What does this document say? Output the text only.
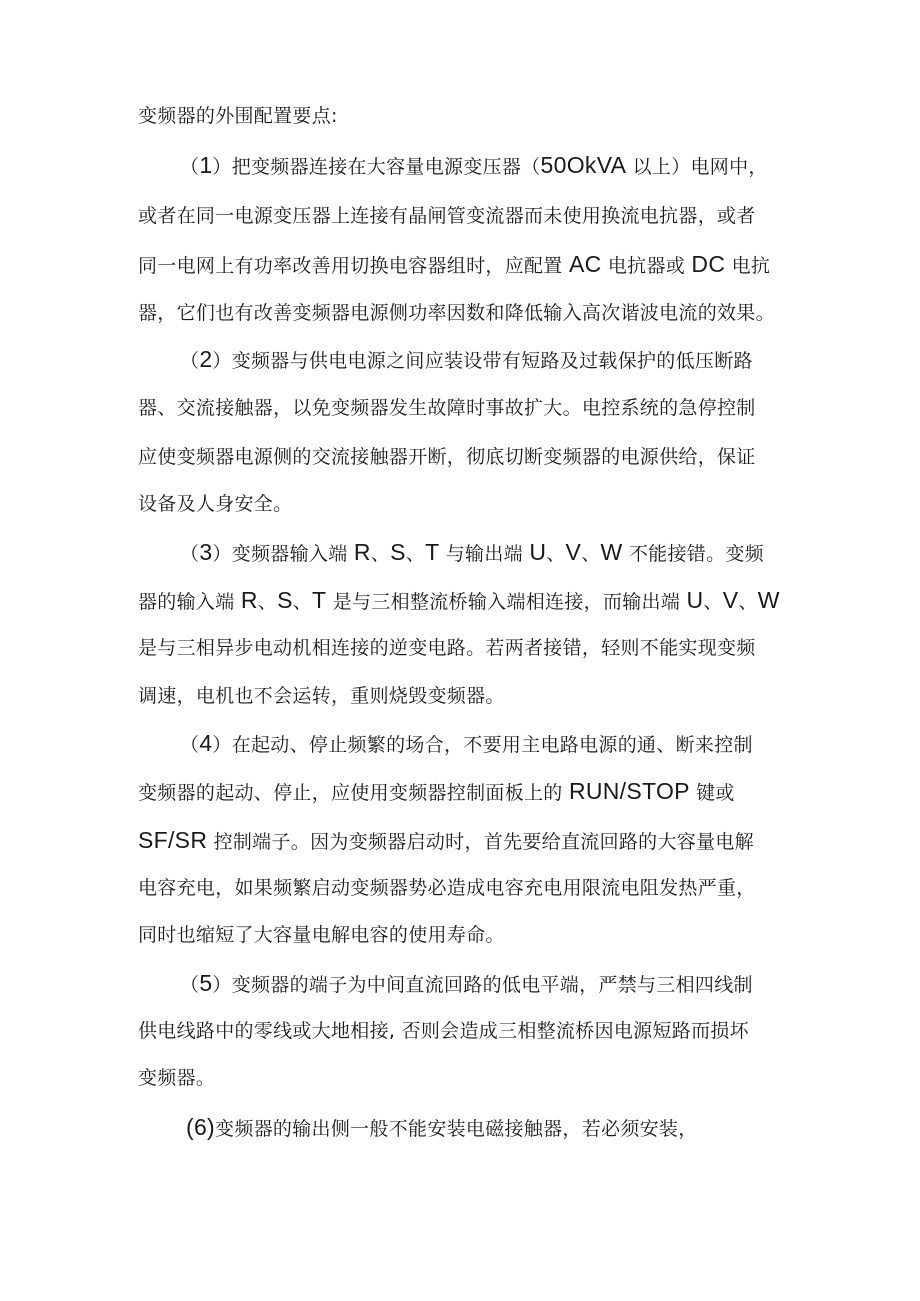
变频器的外围配置要点:
（1）把变频器连接在大容量电源变压器（50OkVA 以上）电网中，
或者在同一电源变压器上连接有晶闸管变流器而未使用换流电抗器，或者
同一电网上有功率改善用切换电容器组时，应配置 AC 电抗器或 DC 电抗
器，它们也有改善变频器电源侧功率因数和降低输入高次谐波电流的效果。
（2）变频器与供电电源之间应装设带有短路及过载保护的低压断路
器、交流接触器，以免变频器发生故障时事故扩大。电控系统的急停控制
应使变频器电源侧的交流接触器开断，彻底切断变频器的电源供给，保证
设备及人身安全。
（3）变频器输入端 R、S、T 与输出端 U、V、W 不能接错。变频
器的输入端 R、S、T 是与三相整流桥输入端相连接，而输出端 U、V、W
是与三相异步电动机相连接的逆变电路。若两者接错，轻则不能实现变频
调速，电机也不会运转，重则烧毁变频器。
（4）在起动、停止频繁的场合，不要用主电路电源的通、断来控制
变频器的起动、停止，应使用变频器控制面板上的 RUN/STOP 键或
SF/SR 控制端子。因为变频器启动时，首先要给直流回路的大容量电解
电容充电，如果频繁启动变频器势必造成电容充电用限流电阻发热严重，
同时也缩短了大容量电解电容的使用寿命。
（5）变频器的端子为中间直流回路的低电平端，严禁与三相四线制
供电线路中的零线或大地相接, 否则会造成三相整流桥因电源短路而损坏
变频器。
(6)变频器的输出侧一般不能安装电磁接触器，若必须安装，
